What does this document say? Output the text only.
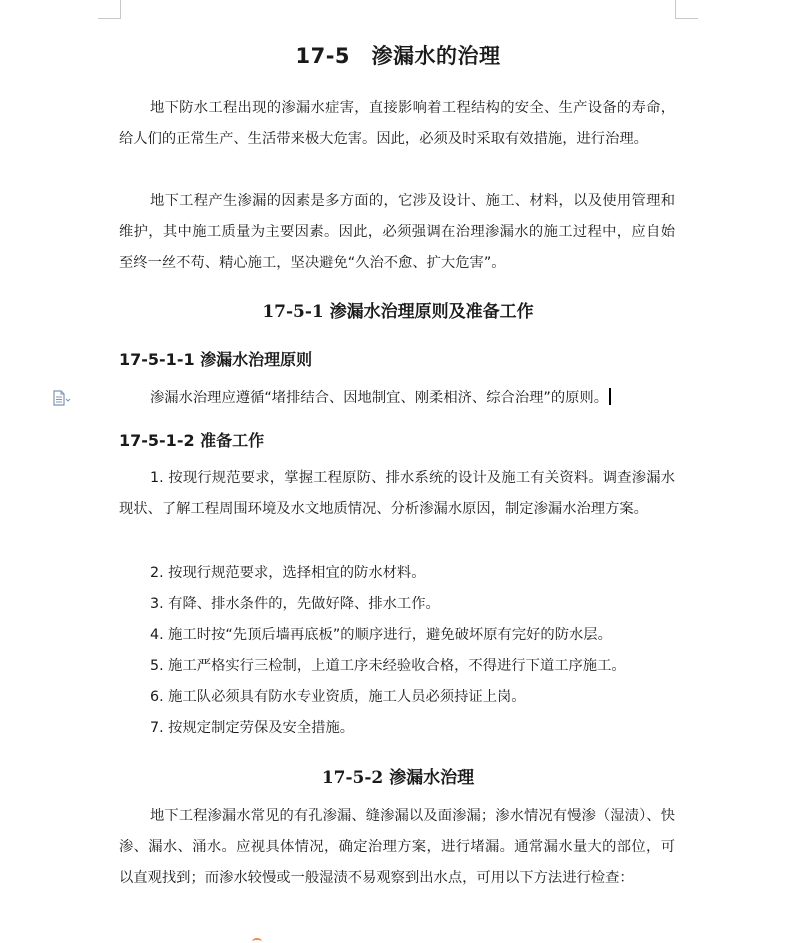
17-5　渗漏水的治理
地下防水工程出现的渗漏水症害，直接影响着工程结构的安全、生产设备的寿命，给人们的正常生产、生活带来极大危害。因此，必须及时采取有效措施，进行治理。
地下工程产生渗漏的因素是多方面的，它涉及设计、施工、材料，以及使用管理和维护，其中施工质量为主要因素。因此，必须强调在治理渗漏水的施工过程中，应自始至终一丝不苟、精心施工，坚决避免“久治不愈、扩大危害”。
17-5-1 渗漏水治理原则及准备工作
17-5-1-1 渗漏水治理原则
渗漏水治理应遵循“堵排结合、因地制宜、刚柔相济、综合治理”的原则。
17-5-1-2 准备工作
1. 按现行规范要求，掌握工程原防、排水系统的设计及施工有关资料。调查渗漏水现状、了解工程周围环境及水文地质情况、分析渗漏水原因，制定渗漏水治理方案。
2. 按现行规范要求，选择相宜的防水材料。
3. 有降、排水条件的，先做好降、排水工作。
4. 施工时按“先顶后墙再底板”的顺序进行，避免破坏原有完好的防水层。
5. 施工严格实行三检制，上道工序未经验收合格，不得进行下道工序施工。
6. 施工队必须具有防水专业资质，施工人员必须持证上岗。
7. 按规定制定劳保及安全措施。
17-5-2 渗漏水治理
地下工程渗漏水常见的有孔渗漏、缝渗漏以及面渗漏；渗水情况有慢渗（湿渍）、快渗、漏水、涌水。应视具体情况，确定治理方案，进行堵漏。通常漏水量大的部位，可以直观找到；而渗水较慢或一般湿渍不易观察到出水点，可用以下方法进行检查：
